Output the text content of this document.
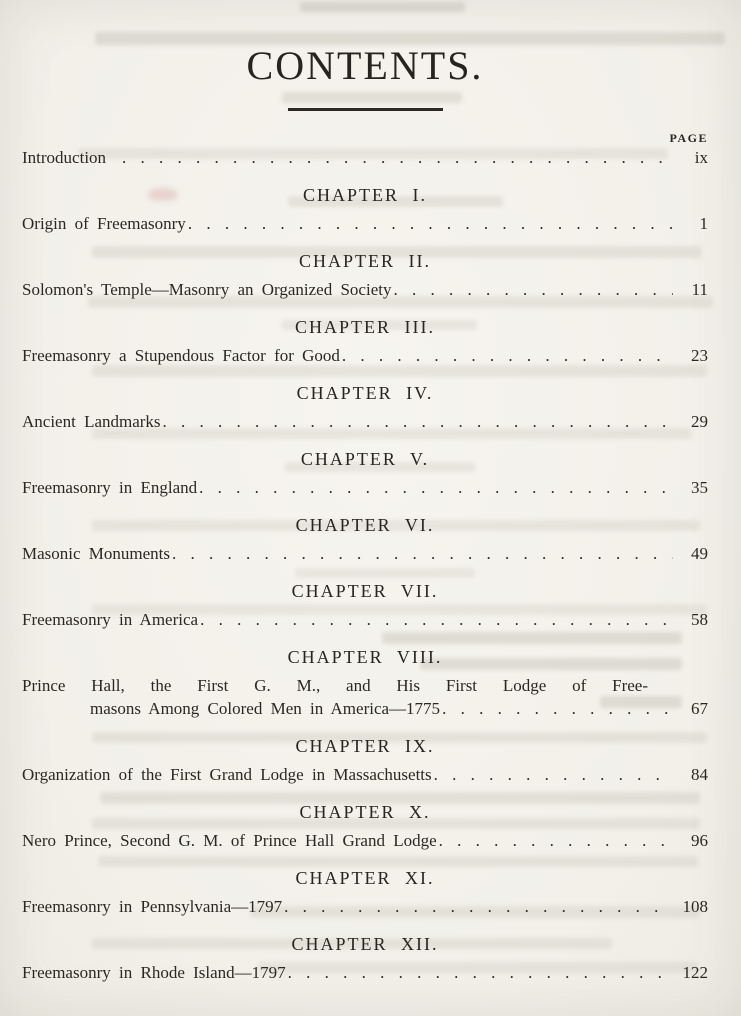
CONTENTS.
PAGE
Introduction . . .	ix
CHAPTER I.
Origin of Freemasonry . . .	1
CHAPTER II.
Solomon's Temple—Masonry an Organized Society . . .	11
CHAPTER III.
Freemasonry a Stupendous Factor for Good . . .	23
CHAPTER IV.
Ancient Landmarks . . .	29
CHAPTER V.
Freemasonry in England . . .	35
CHAPTER VI.
Masonic Monuments . . .	49
CHAPTER VII.
Freemasonry in America . . .	58
CHAPTER VIII.
Prince Hall, the First G. M., and His First Lodge of Free-
masons Among Colored Men in America—1775 . . .	67
CHAPTER IX.
Organization of the First Grand Lodge in Massachusetts . . .	84
CHAPTER X.
Nero Prince, Second G. M. of Prince Hall Grand Lodge . . .	96
CHAPTER XI.
Freemasonry in Pennsylvania—1797 . . .	108
CHAPTER XII.
Freemasonry in Rhode Island—1797 . . .	122
